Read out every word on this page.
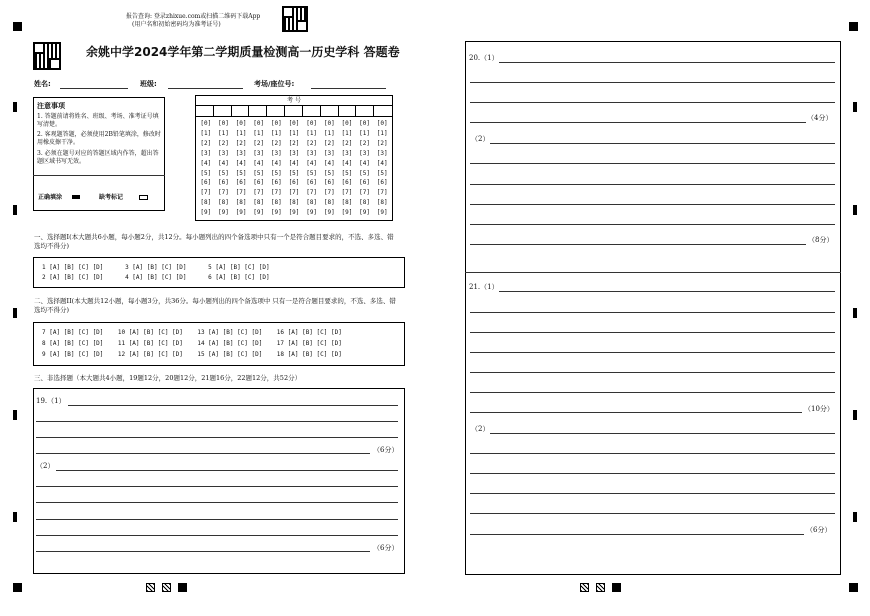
报告查询: 登录zhixue.com或扫描二维码下载App
(用户名和初始密码均为准考证号)
余姚中学2024学年第二学期质量检测高一历史学科 答题卷
姓名:	班级:	考场/座位号:
注意事项
1. 答题前请将姓名、班级、考场、准考证号填写清楚。
2. 客观题答题，必须使用2B铅笔填涂，修改时用橡皮擦干净。
3. 必须在题号对应的答题区域内作答，超出答题区域书写无效。
正确填涂	缺考标记
考 号
[0]	[0]	[0]	[0]	[0]	[0]	[0]	[0]	[0]	[0]	[0]
[1]	[1]	[1]	[1]	[1]	[1]	[1]	[1]	[1]	[1]	[1]
[2]	[2]	[2]	[2]	[2]	[2]	[2]	[2]	[2]	[2]	[2]
[3]	[3]	[3]	[3]	[3]	[3]	[3]	[3]	[3]	[3]	[3]
[4]	[4]	[4]	[4]	[4]	[4]	[4]	[4]	[4]	[4]	[4]
[5]	[5]	[5]	[5]	[5]	[5]	[5]	[5]	[5]	[5]	[5]
[6]	[6]	[6]	[6]	[6]	[6]	[6]	[6]	[6]	[6]	[6]
[7]	[7]	[7]	[7]	[7]	[7]	[7]	[7]	[7]	[7]	[7]
[8]	[8]	[8]	[8]	[8]	[8]	[8]	[8]	[8]	[8]	[8]
[9]	[9]	[9]	[9]	[9]	[9]	[9]	[9]	[9]	[9]	[9]
一、选择题I(本大题共6小题，每小题2分，共12分。每小题列出的四个备选项中只有一个是符合题目要求的，不选、多选、错选均不得分)
1 [A] [B] [C] [D]      3 [A] [B] [C] [D]      5 [A] [B] [C] [D]
2 [A] [B] [C] [D]      4 [A] [B] [C] [D]      6 [A] [B] [C] [D]
二、选择题II(本大题共12小题，每小题3分，共36分。每小题列出的四个备选项中 只有一是符合题目要求的，不选、多选、错选均不得分)
7 [A] [B] [C] [D]    10 [A] [B] [C] [D]    13 [A] [B] [C] [D]    16 [A] [B] [C] [D]
8 [A] [B] [C] [D]    11 [A] [B] [C] [D]    14 [A] [B] [C] [D]    17 [A] [B] [C] [D]
9 [A] [B] [C] [D]    12 [A] [B] [C] [D]    15 [A] [B] [C] [D]    18 [A] [B] [C] [D]
三、非选择题（本大题共4小题，19题12分，20题12分，21题16分，22题12分，共52分）
19.（1）
（6分）
（2）
（6分）
20.（1）
（4分）
（2）
（8分）
21.（1）
（10分）
（2）
（6分）
